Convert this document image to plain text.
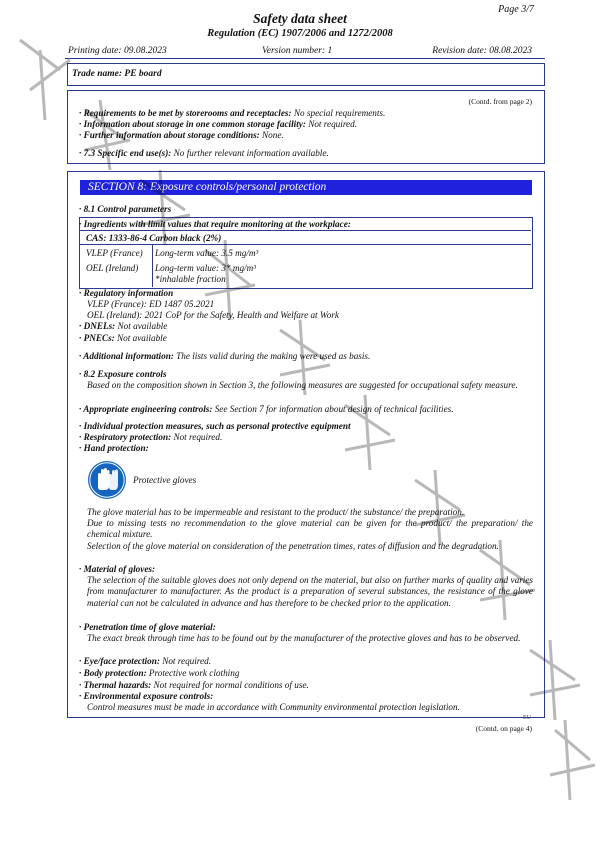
Page 3/7
Safety data sheet
Regulation (EC) 1907/2006 and 1272/2008
Printing date: 09.08.2023	Version number: 1	Revision date: 08.08.2023
Trade name: PE board
(Contd. from page 2)
· Requirements to be met by storerooms and receptacles: No special requirements.
· Information about storage in one common storage facility: Not required.
· Further information about storage conditions: None.
· 7.3 Specific end use(s): No further relevant information available.
SECTION 8: Exposure controls/personal protection
· 8.1 Control parameters
· Ingredients with limit values that require monitoring at the workplace:
CAS: 1333-86-4 Carbon black (2%)
VLEP (France) Long-term value: 3.5 mg/m³
OEL (Ireland) Long-term value: 3* mg/m³
*inhalable fraction
· Regulatory information
VLEP (France): ED 1487 05.2021
OEL (Ireland): 2021 CoP for the Safety, Health and Welfare at Work
· DNELs: Not available
· PNECs: Not available
· Additional information: The lists valid during the making were used as basis.
· 8.2 Exposure controls
Based on the composition shown in Section 3, the following measures are suggested for occupational safety measure.
· Appropriate engineering controls: See Section 7 for information about design of technical facilities.
· Individual protection measures, such as personal protective equipment
· Respiratory protection: Not required.
· Hand protection:
Protective gloves
The glove material has to be impermeable and resistant to the product/ the substance/ the preparation.
Due to missing tests no recommendation to the glove material can be given for the product/ the preparation/ the chemical mixture.
Selection of the glove material on consideration of the penetration times, rates of diffusion and the degradation.
· Material of gloves:
The selection of the suitable gloves does not only depend on the material, but also on further marks of quality and varies from manufacturer to manufacturer. As the product is a preparation of several substances, the resistance of the glove material can not be calculated in advance and has therefore to be checked prior to the application.
· Penetration time of glove material:
The exact break through time has to be found out by the manufacturer of the protective gloves and has to be observed.
· Eye/face protection: Not required.
· Body protection: Protective work clothing
· Thermal hazards: Not required for normal conditions of use.
· Environmental exposure controls:
Control measures must be made in accordance with Community environmental protection legislation.
EU
(Contd. on page 4)
